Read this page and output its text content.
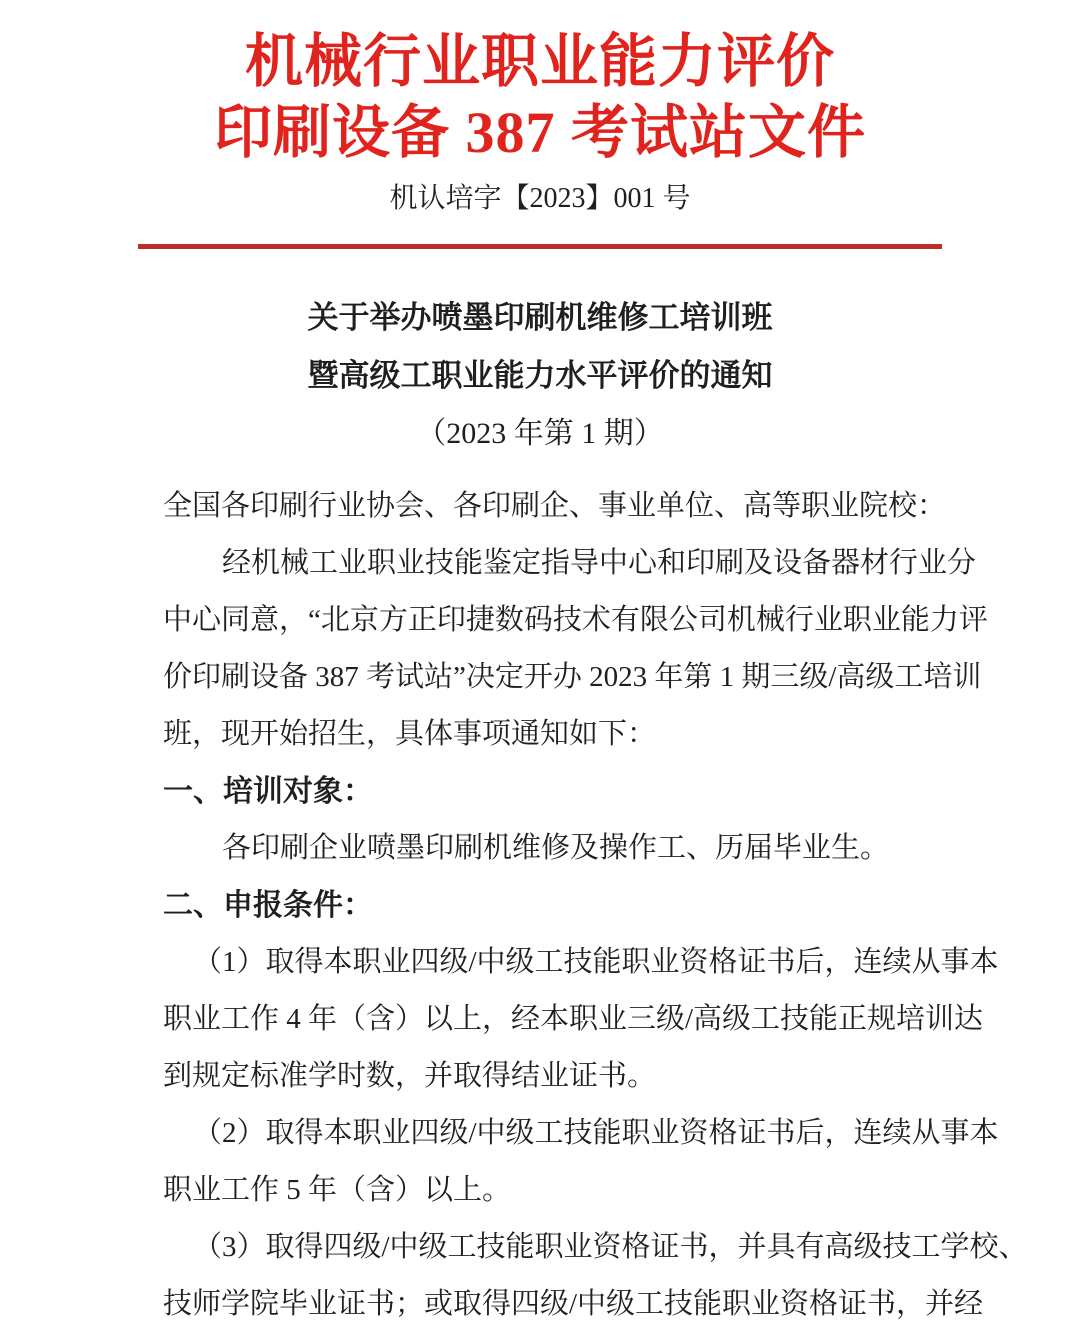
机械行业职业能力评价
印刷设备 387 考试站文件
机认培字【2023】001 号
关于举办喷墨印刷机维修工培训班
暨高级工职业能力水平评价的通知
（2023 年第 1 期）
全国各印刷行业协会、各印刷企、事业单位、高等职业院校：
经机械工业职业技能鉴定指导中心和印刷及设备器材行业分
中心同意，“北京方正印捷数码技术有限公司机械行业职业能力评
价印刷设备 387 考试站”决定开办 2023 年第 1 期三级/高级工培训
班，现开始招生，具体事项通知如下：
一、培训对象：
各印刷企业喷墨印刷机维修及操作工、历届毕业生。
二、申报条件：
（1）取得本职业四级/中级工技能职业资格证书后，连续从事本
职业工作 4 年（含）以上，经本职业三级/高级工技能正规培训达
到规定标准学时数，并取得结业证书。
（2）取得本职业四级/中级工技能职业资格证书后，连续从事本
职业工作 5 年（含）以上。
（3）取得四级/中级工技能职业资格证书，并具有高级技工学校、
技师学院毕业证书；或取得四级/中级工技能职业资格证书，并经
